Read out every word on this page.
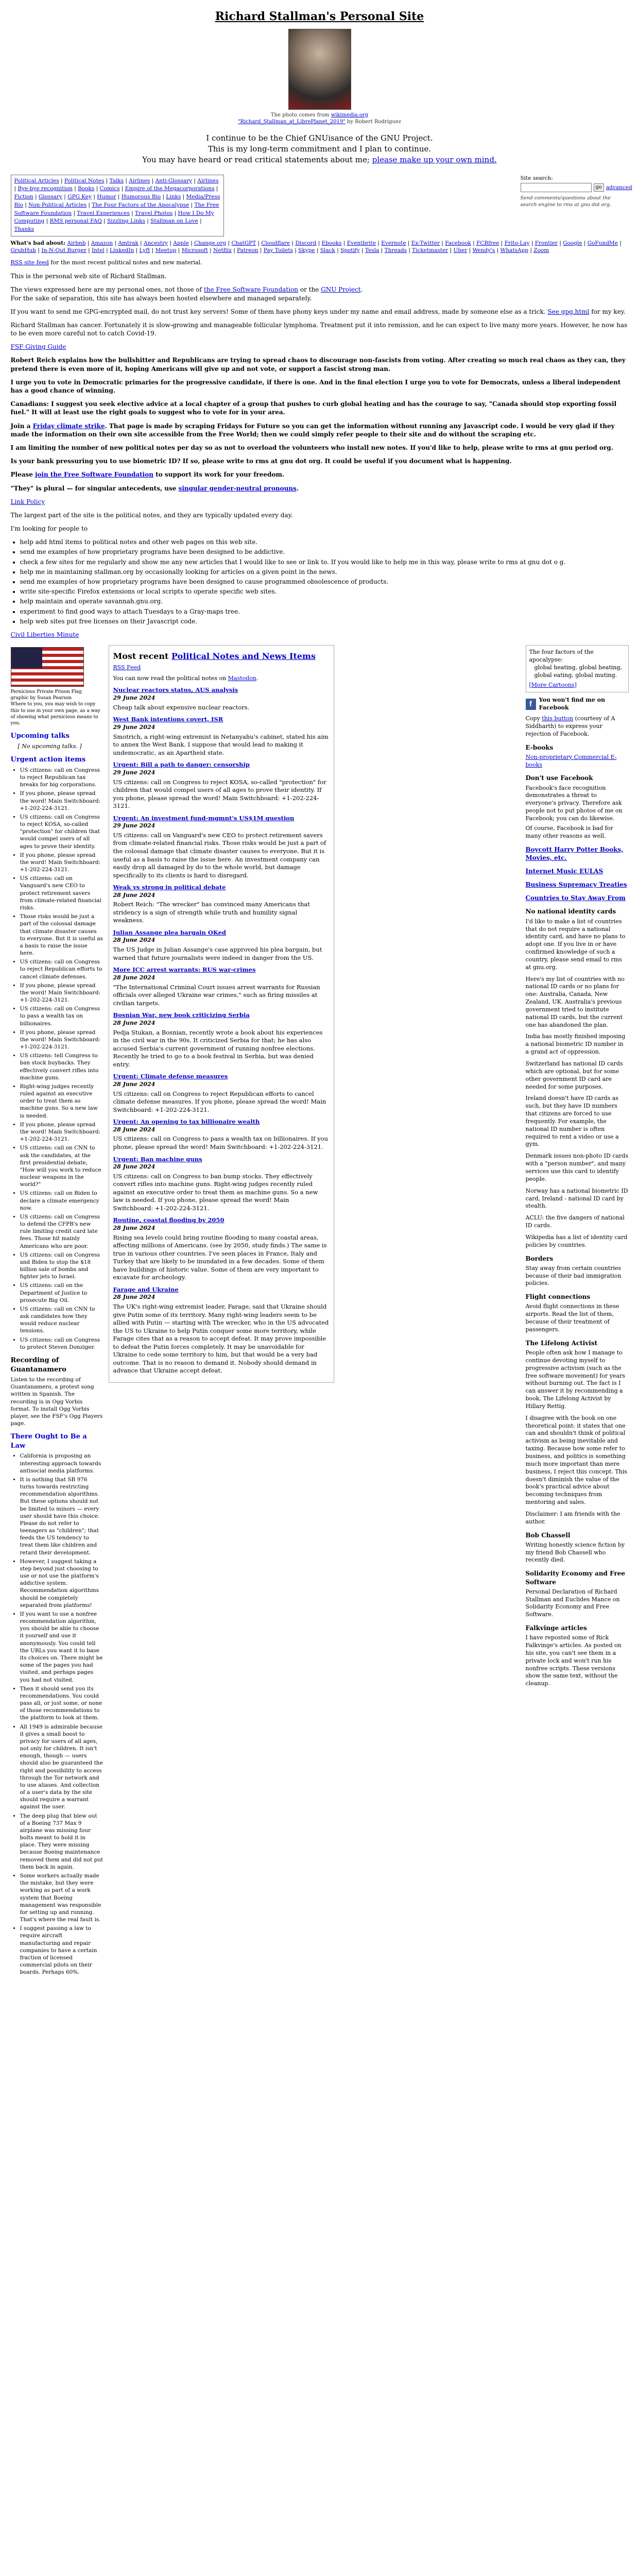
Richard Stallman's Personal Site
The photo comes from wikimedia.org
"Richard_Stallman_at_LibrePlanet_2019" by Robert Rodriguez
I continue to be the Chief GNUisance of the GNU Project.
This is my long-term commitment and I plan to continue.
You may have heard or read critical statements about me; please make up your own mind.
Political Articles | Political Notes | Talks | Airlines | Anti-Glossary | Airlines | Bye-bye recognition | Books | Comics | Empire of the Megacorporations | Fiction | Glossary | GPG Key | Humor | Humorous Bio | Links | Media/Press Bio | Non-Political Articles | The Four Factors of the Apocalypse | The Free Software Foundation | Travel Experiences | Travel Photos | How I Do My Computing | RMS personal FAQ | Sizzling Links | Stallman on Love | Thanks
Site search:
go advanced
Send comments/questions about the search engine to rms at gnu dot org.
What's bad about: Airbnb | Amazon | Amtrak | Ancestry | Apple | Change.org | ChatGPT | Cloudflare | Discord | Ebooks | Eventbrite | Evernote | Ex-Twitter | Facebook | FCBfree | Frito-Lay | Frontier | Google | GoFundMe | GrubHub | In-N-Out Burger | Intel | LinkedIn | Lyft | Meetup | Microsoft | Netflix | Patreon | Pay Toilets | Skype | Slack | Spotify | Tesla | Threads | Ticketmaster | Uber | Wendy's | WhatsApp | Zoom
RSS site feed for the most recent political notes and new material.

This is the personal web site of Richard Stallman.

The views expressed here are my personal ones, not those of the Free Software Foundation or the GNU Project.
For the sake of separation, this site has always been hosted elsewhere and managed separately.

If you want to send me GPG-encrypted mail, do not trust key servers! Some of them have phony keys under my name and email address, made by someone else as a trick. See gpg.html for my key.

Richard Stallman has cancer. Fortunately it is slow-growing and manageable follicular lymphoma. Treatment put it into remission, and he can expect to live many more years. However, he now has to be even more careful not to catch Covid-19.

FSF Giving Guide

Robert Reich explains how the bullshitter and Republicans are trying to spread chaos to discourage non-fascists from voting. After creating so much real chaos as they can, they pretend there is even more of it, hoping Americans will give up and not vote, or support a fascist strong man.

I urge you to vote in Democratic primaries for the progressive candidate, if there is one. And in the final election I urge you to vote for Democrats, unless a liberal independent has a good chance of winning.

Canadians: I suggest you seek elective advice at a local chapter of a group that pushes to curb global heating and has the courage to say, "Canada should stop exporting fossil fuel." It will at least use the right goals to suggest who to vote for in your area.

Join a Friday climate strike. That page is made by scraping Fridays for Future so you can get the information without running any Javascript code. I would be very glad if they made the information on their own site accessible from the Free World; then we could simply refer people to their site and do without the scraping etc.

I am limiting the number of new political notes per day so as not to overload the volunteers who install new notes. If you'd like to help, please write to rms at gnu period org.

Is your bank pressuring you to use biometric ID? If so, please write to rms at gnu dot org. It could be useful if you document what is happening.

Please join the Free Software Foundation to support its work for your freedom.

"They" is plural — for singular antecedents, use singular gender-neutral pronouns.

Link Policy

The largest part of the site is the political notes, and they are typically updated every day.

I'm looking for people to

• help add html items to political notes and other web pages on this web site.
• send me examples of how proprietary programs have been designed to be addictive.
• check a few sites for me regularly and show me any new articles that I would like to see or link to. If you would like to help me in this way, please write to rms at gnu dot o g.
• help me in maintaining stallman.org by occasionally looking for articles on a given point in the news.
• send me examples of how proprietary programs have been designed to cause programmed obsolescence of products.
• write site-specific Firefox extensions or local scripts to operate specific web sites.
• help maintain and operate savannah.gnu.org.
• experiment to find good ways to attach Tuesdays to a Gray-maps tree.
• help web sites put free licenses on their Javascript code.

Civil Liberties Minute

Pernicious Private Prison Flag
graphic by Susan Pearson
Where to you, you may wish to copy this to use in your own page, as a way of showing what pernicious means to you.
Upcoming talks
[ No upcoming talks. ]
Urgent action items
• US citizens: call on Congress to reject Republican tax breaks for big corporations.
• If you phone, please spread the word! Main Switchboard: +1-202-224-3121.
• US citizens: call on Congress to reject KOSA, so-called "protection" for children that would compel users of all ages to prove their identity.
• If you phone, please spread the word! Main Switchboard: +1-202-224-3121.
• US citizens: call on Vanguard's new CEO to protect retirement savers from climate-related financial risks.
• Those risks would be just a part of the colossal damage that climate disaster causes to everyone. But it is useful as a basis to raise the issue here.
• US citizens: call on Congress to reject Republican efforts to cancel climate defenses.
• If you phone, please spread the word! Main Switchboard: +1-202-224-3121.
• US citizens: call on Congress to pass a wealth tax on billionaires.
• If you phone, please spread the word! Main Switchboard: +1-202-224-3121.
• US citizens: tell Congress to ban stock buybacks. They effectively convert rifles into machine guns.
• Right-wing judges recently ruled against an executive order to treat them as machine guns. So a new law is needed.
• If you phone, please spread the word! Main Switchboard: +1-202-224-3121.
• US citizens: call on CNN to ask the candidates, at the first presidential debate, "How will you work to reduce nuclear weapons in the world?"
• US citizens: call on Biden to declare a climate emergency now.
• US citizens: call on Congress to defend the CFPB's new rule limiting credit card late fees. Those hit mainly Americans who are poor.
• US citizens: call on Congress and Biden to stop the $18 billion sale of bombs and fighter jets to Israel.
• US citizens: call on the Department of Justice to prosecute Big Oil.
• US citizens: call on CNN to ask candidates how they would reduce nuclear tensions.
• US citizens: call on Congress to protect Steven Donziger.
Recording of Guantanamero
Listen to the recording of Guantanamero, a protest song written in Spanish. The recording is in Ogg Vorbis format. To install Ogg Vorbis player, see the FSF's Ogg Players page.
There Ought to Be a Law
• California is proposing an interesting approach towards antisocial media platforms.
• It is nothing that SB 976 turns towards restricting recommendation algorithms. But these options should not be limited to minors — every user should have this choice. Please do not refer to teenagers as "children"; that feeds the US tendency to treat them like children and retard their development.
• However, I suggest taking a step beyond just choosing to use or not use the platform's addictive system. Recommendation algorithms should be completely separated from platforms!
• If you want to use a nonfree recommendation algorithm, you should be able to choose it yourself and use it anonymously. You could tell the URLs you want it to base its choices on. There might be some of the pages you had visited, and perhaps pages you had not visited.
• Then it should send you its recommendations. You could pass all, or just some, or none of those recommendations to the platform to look at them.
• All 1949 is admirable because it gives a small boost to privacy for users of all ages, not only for children. It isn't enough, though — users should also be guaranteed the right and possibility to access through the Tor network and to use aliases. And collection of a user's data by the site should require a warrant against the user.
• The deep plug that blew out of a Boeing 737 Max 9 airplane was missing four bolts meant to hold it in place. They were missing because Boeing maintenance removed them and did not put them back in again.
• Some workers actually made the mistake, but they were working as part of a work system that Boeing management was responsible for setting up and running. That's where the real fault is.
• I suggest passing a law to require aircraft manufacturing and repair companies to have a certain fraction of licensed commercial pilots on their boards. Perhaps 60%.
Most recent Political Notes and News Items
RSS Feed
You can now read the political notes on Mastodon.
Nuclear reactors status, AUS analysis
29 June 2024
Cheap talk about expensive nuclear reactors.
West Bank intentions covert, ISR
29 June 2024
Smotrich, a right-wing extremist in Netanyahu's cabinet, stated his aim to annex the West Bank. I suppose that would lead to making it undemocratic, as an Apartheid state.
Urgent: Bill a path to danger: censorship
29 June 2024
US citizens: call on Congress to reject KOSA, so-called "protection" for children that would compel users of all ages to prove their identity. If you phone, please spread the word! Main Switchboard: +1-202-224-3121.
Urgent: An investment fund-mgmnt's US$1M question
29 June 2024
US citizens: call on Vanguard's new CEO to protect retirement savers from climate-related financial risks. Those risks would be just a part of the colossal damage that climate disaster causes to everyone. But it is useful as a basis to raise the issue here. An investment company can easily drop all damaged by do to the whole world, but damage specifically to its clients is hard to disregard.
Weak vs strong in political debate
28 June 2024
Robert Reich: "The wrecker" has convinced many Americans that stridency is a sign of strength while truth and humility signal weakness.
Julian Assange plea bargain OKed
28 June 2024
The US Judge in Julian Assange's case approved his plea bargain, but warned that future journalists were indeed in danger from the US.
More ICC arrest warrants: RUS war-crimes
28 June 2024
"The International Criminal Court issues arrest warrants for Russian officials over alleged Ukraine war crimes," such as firing missiles at civilian targets.
Bosnian War, new book criticizing Serbia
28 June 2024
Pedja Stukan, a Bosnian, recently wrote a book about his experiences in the civil war in the 90s. It criticized Serbia for that; he has also accused Serbia's current government of running nonfree elections. Recently he tried to go to a book festival in Serbia, but was denied entry.
Urgent: Climate defense measures
28 June 2024
US citizens: call on Congress to reject Republican efforts to cancel climate defense measures. If you phone, please spread the word! Main Switchboard: +1-202-224-3121.
Urgent: An opening to tax billionaire wealth
28 June 2024
US citizens: call on Congress to pass a wealth tax on billionaires. If you phone, please spread the word! Main Switchboard: +1-202-224-3121.
Urgent: Ban machine guns
28 June 2024
US citizens: call on Congress to ban bump stocks. They effectively convert rifles into machine guns. Right-wing judges recently ruled against an executive order to treat them as machine guns. So a new law is needed. If you phone, please spread the word! Main Switchboard: +1-202-224-3121.
Routine, coastal flooding by 2050
28 June 2024
Rising sea levels could bring routine flooding to many coastal areas, affecting millions of Americans. (see by 2050, study finds.) The same is true in various other countries. I've seen places in France, Italy and Turkey that are likely to be inundated in a few decades. Some of them have buildings of historic value. Some of them are very important to excavate for archeology.
Farage and Ukraine
28 June 2024
The UK's right-wing extremist leader, Farage, said that Ukraine should give Putin some of its territory. Many right-wing leaders seem to be allied with Putin — starting with The wrecker, who in the US advocated the US to Ukraine to help Putin conquer some more territory, while Farage cites that as a reason to accept defeat. It may prove impossible to defeat the Putin forces completely. It may be unavoidable for Ukraine to cede some territory to him, but that would be a very bad outcome. That is no reason to demand it. Nobody should demand in advance that Ukraine accept defeat.
The four factors of the apocalypse:
global heating, global heating,
global eating, global muting.
[More Cartoons]
f	You won't find me on Facebook
Copy this button (courtesy of A Siddharth) to express your rejection of Facebook.
E-books
Non-proprietary Commercial E-books
Don't use Facebook
Facebook's face recognition demonstrates a threat to everyone's privacy. Therefore ask people not to put photos of me on Facebook; you can do likewise.
Of course, Facebook is bad for many other reasons as well.
Boycott Harry Potter Books, Movies, etc.
Internet Music EULAS
Business Supremacy Treaties
Countries to Stay Away From
No national identity cards
I'd like to make a list of countries that do not require a national identity card, and have no plans to adopt one. If you live in or have confirmed knowledge of such a country, please send email to rms at gnu.org.
Here's my list of countries with no national ID cards or no plans for one: Australia, Canada, New Zealand, UK. Australia's previous government tried to institute national ID cards, but the current one has abandoned the plan.
India has mostly finished imposing a national biometric ID number in a grand act of oppression.
Switzerland has national ID cards which are optional, but for some other government ID card are needed for some purposes.
Ireland doesn't have ID cards as such, but they have ID numbers that citizens are forced to use frequently. For example, the national ID number is often required to rent a video or use a gym.
Denmark issues non-photo ID cards with a "person number", and many services use this card to identify people.
Norway has a national biometric ID card, Ireland - national ID card by stealth.
ACLU: the five dangers of national ID cards.
Wikipedia has a list of identity card policies by countries.
Borders
Stay away from certain countries because of their bad immigration policies.
Flight connections
Avoid flight connections in these airports. Read the list of them, because of their treatment of passengers.
The Lifelong Activist
People often ask how I manage to continue devoting myself to progressive activism (such as the free software movement) for years without burning out. The fact is I can answer it by recommending a book, The Lifelong Activist by Hillary Rettig.
I disagree with the book on one theoretical point: it states that one can and shouldn't think of political activism as being inevitable and taxing. Because how some refer to business, and politics is something much more important than mere business, I reject this concept. This doesn't diminish the value of the book's practical advice about becoming techniques from mentoring and sales.
Disclaimer: I am friends with the author.
Bob Chassell
Writing honestly science fiction by my friend Bob Chassell who recently died.
Solidarity Economy and Free Software
Personal Declaration of Richard Stallman and Euclides Mance on Solidarity Economy and Free Software.
Falkvinge articles
I have reposted some of Rick Falkvinge's articles. As posted on his site, you can't see them in a private lock and won't run his nonfree scripts. These versions show the same text, without the cleanup.
